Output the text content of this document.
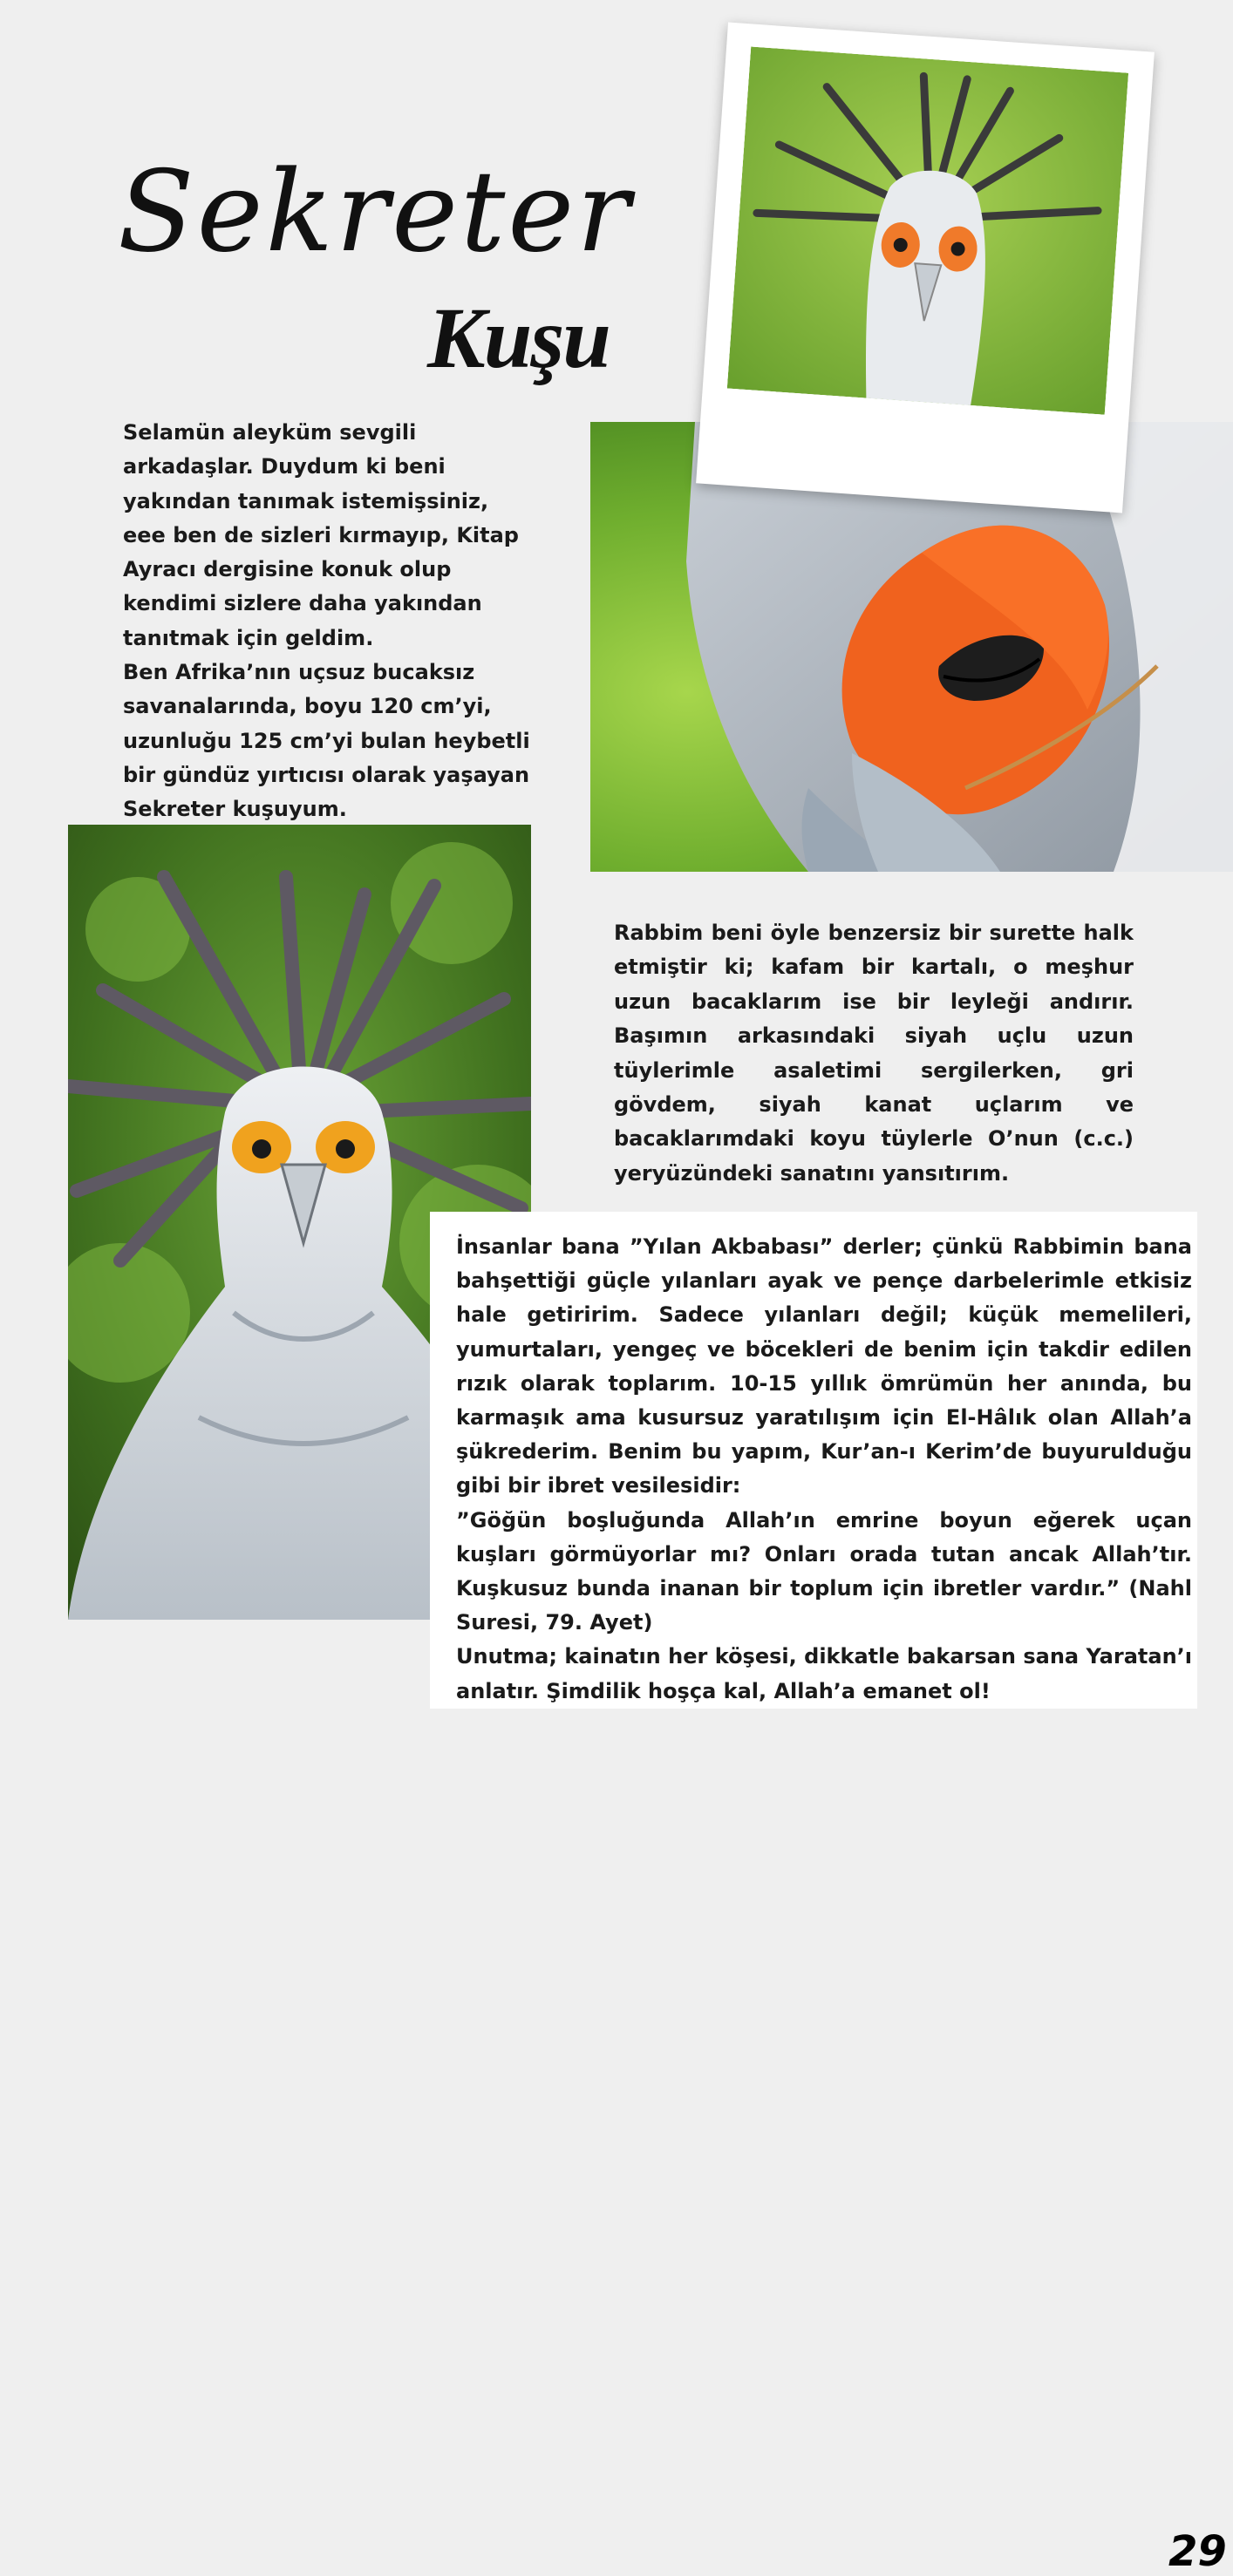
Sekreter
Kuşu

Selamün aleyküm sevgili arkadaşlar. Duydum ki beni yakından tanımak istemişsiniz, eee ben de sizleri kırmayıp, Kitap Ayracı dergisine konuk olup kendimi sizlere daha yakından tanıtmak için geldim.

Ben Afrika’nın uçsuz bucaksız savanalarında, boyu 120 cm’yi, uzunluğu 125 cm’yi bulan heybetli bir gündüz yırtıcısı olarak yaşayan Sekreter kuşuyum.

Rabbim beni öyle benzersiz bir surette halk etmiştir ki; kafam bir kartalı, o meşhur uzun bacaklarım ise bir leyleği andırır. Başımın arkasındaki siyah uçlu uzun tüylerimle asaletimi sergilerken, gri gövdem, siyah kanat uçlarım ve bacaklarımdaki koyu tüylerle O’nun (c.c.) yeryüzündeki sanatını yansıtırım.

İnsanlar bana ”Yılan Akbabası” derler; çünkü Rabbimin bana bahşettiği güçle yılanları ayak ve pençe darbelerimle etkisiz hale getiririm. Sadece yılanları değil; küçük memelileri, yumurtaları, yengeç ve böcekleri de benim için takdir edilen rızık olarak toplarım. 10-15 yıllık ömrümün her anında, bu karmaşık ama kusursuz yaratılışım için El-Hâlık olan Allah’a şükrederim. Benim bu yapım, Kur’an-ı Kerim’de buyurulduğu gibi bir ibret vesilesidir:

”Göğün boşluğunda Allah’ın emrine boyun eğerek uçan kuşları görmüyorlar mı? Onları orada tutan ancak Allah’tır. Kuşkusuz bunda inanan bir toplum için ibretler vardır.” (Nahl Suresi, 79. Ayet)

Unutma; kainatın her köşesi, dikkatle bakarsan sana Yaratan’ı anlatır. Şimdilik hoşça kal, Allah’a emanet ol!

29
